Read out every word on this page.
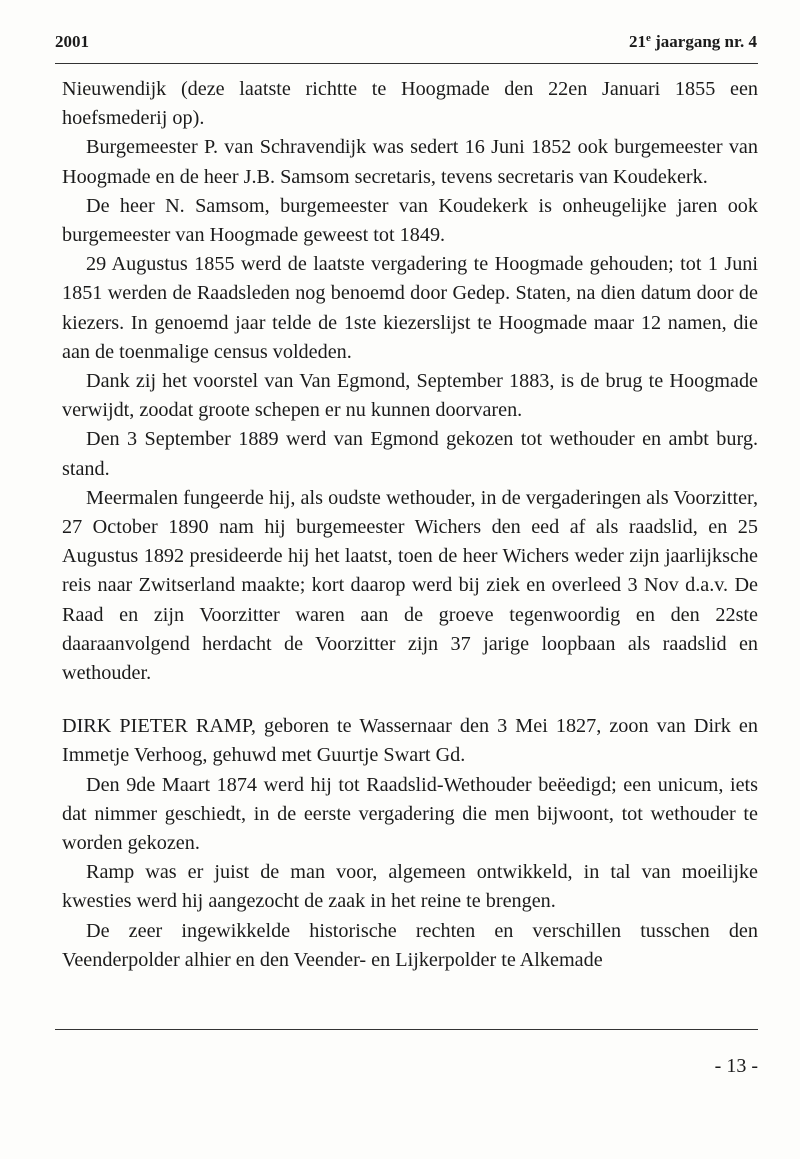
2001	21e jaargang nr. 4

Nieuwendijk (deze laatste richtte te Hoogmade den 22en Januari 1855 een hoefsmederij op).

Burgemeester P. van Schravendijk was sedert 16 Juni 1852 ook burgemeester van Hoogmade en de heer J.B. Samsom secretaris, tevens secretaris van Koudekerk.

De heer N. Samsom, burgemeester van Koudekerk is onheugelijke jaren ook burgemeester van Hoogmade geweest tot 1849.

29 Augustus 1855 werd de laatste vergadering te Hoogmade gehouden; tot 1 Juni 1851 werden de Raadsleden nog benoemd door Gedep. Staten, na dien datum door de kiezers. In genoemd jaar telde de 1ste kiezerslijst te Hoogmade maar 12 namen, die aan de toenmalige census voldeden.

Dank zij het voorstel van Van Egmond, September 1883, is de brug te Hoogmade verwijdt, zoodat groote schepen er nu kunnen doorvaren.

Den 3 September 1889 werd van Egmond gekozen tot wethouder en ambt burg. stand.

Meermalen fungeerde hij, als oudste wethouder, in de vergaderingen als Voorzitter, 27 October 1890 nam hij burgemeester Wichers den eed af als raadslid, en 25 Augustus 1892 presideerde hij het laatst, toen de heer Wichers weder zijn jaarlijksche reis naar Zwitserland maakte; kort daarop werd bij ziek en overleed 3 Nov d.a.v. De Raad en zijn Voorzitter waren aan de groeve tegenwoordig en den 22ste daaraanvolgend herdacht de Voorzitter zijn 37 jarige loopbaan als raadslid en wethouder.

DIRK PIETER RAMP, geboren te Wassernaar den 3 Mei 1827, zoon van Dirk en Immetje Verhoog, gehuwd met Guurtje Swart Gd.

Den 9de Maart 1874 werd hij tot Raadslid-Wethouder beëedigd; een unicum, iets dat nimmer geschiedt, in de eerste vergadering die men bijwoont, tot wethouder te worden gekozen.

Ramp was er juist de man voor, algemeen ontwikkeld, in tal van moeilijke kwesties werd hij aangezocht de zaak in het reine te brengen.

De zeer ingewikkelde historische rechten en verschillen tusschen den Veenderpolder alhier en den Veender- en Lijkerpolder te Alkemade

- 13 -
